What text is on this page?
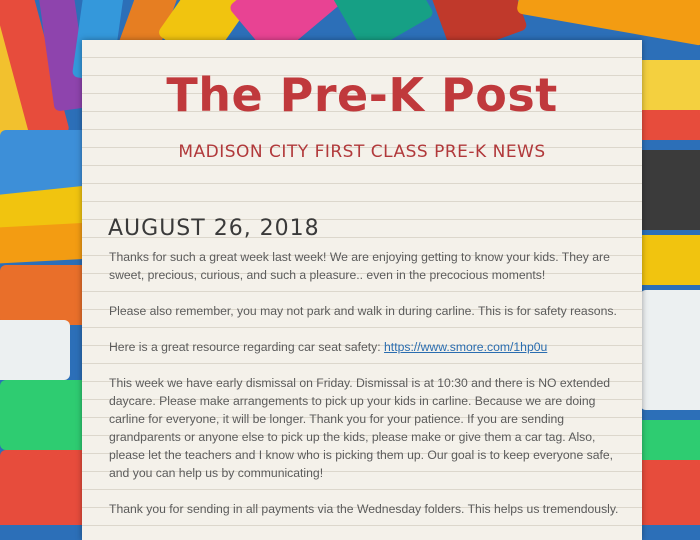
The Pre-K Post
MADISON CITY FIRST CLASS PRE-K NEWS
AUGUST 26, 2018

Thanks for such a great week last week! We are enjoying getting to know your kids. They are sweet, precious, curious, and such a pleasure.. even in the precocious moments!

Please also remember, you may not park and walk in during carline. This is for safety reasons.

Here is a great resource regarding car seat safety: https://www.smore.com/1hp0u

This week we have early dismissal on Friday. Dismissal is at 10:30 and there is NO extended daycare. Please make arrangements to pick up your kids in carline. Because we are doing carline for everyone, it will be longer. Thank you for your patience. If you are sending grandparents or anyone else to pick up the kids, please make or give them a car tag. Also, please let the teachers and I know who is picking them up. Our goal is to keep everyone safe, and you can help us by communicating!

Thank you for sending in all payments via the Wednesday folders. This helps us tremendously.
